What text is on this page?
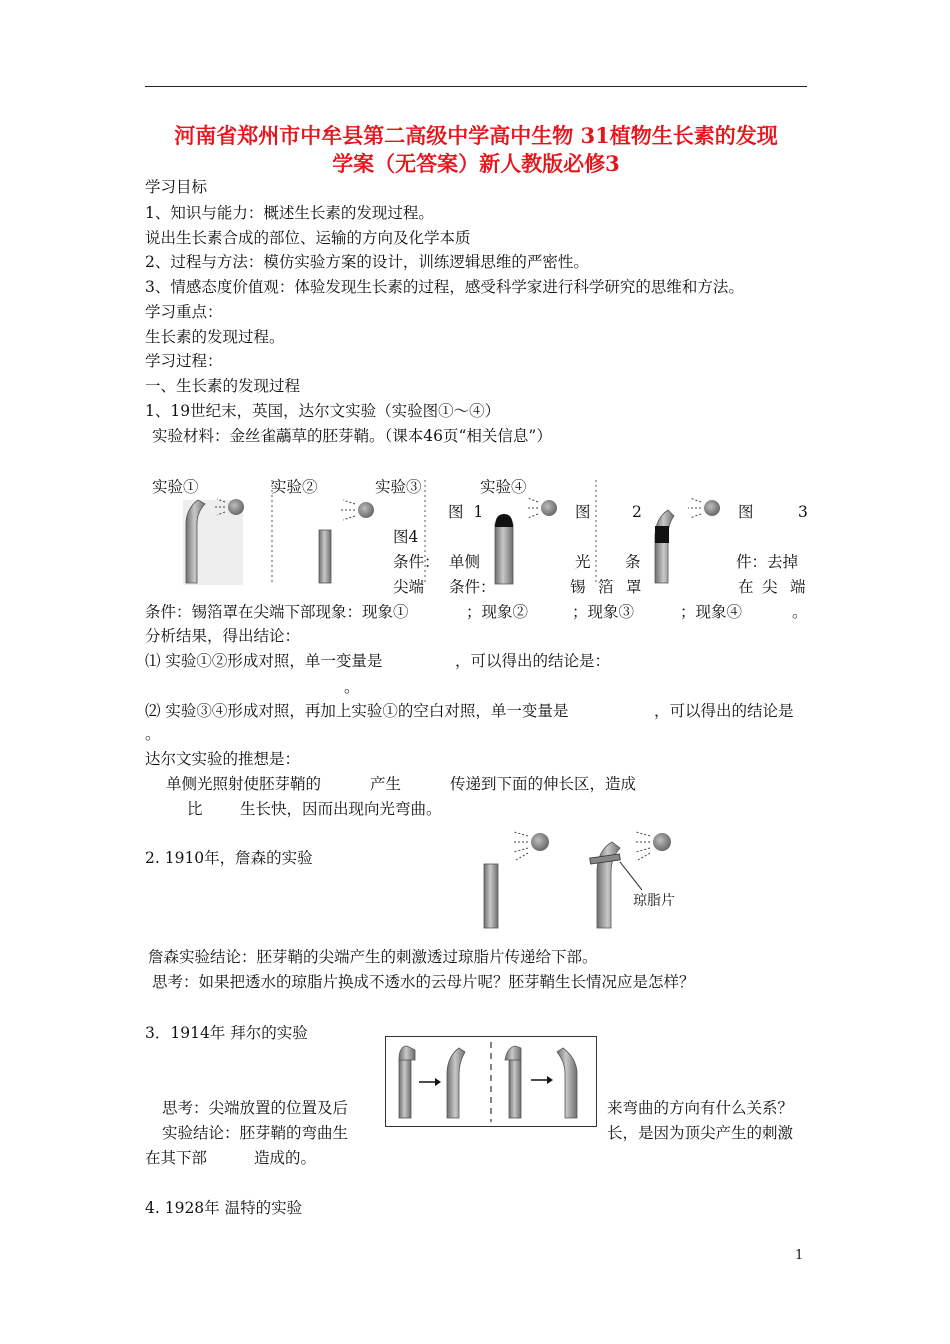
河南省郑州市中牟县第二高级中学高中生物 31植物生长素的发现
学案（无答案）新人教版必修3
学习目标
1、知识与能力：概述生长素的发现过程。
说出生长素合成的部位、运输的方向及化学本质
2、过程与方法：模仿实验方案的设计，训练逻辑思维的严密性。
3、情感态度价值观：体验发现生长素的过程，感受科学家进行科学研究的思维和方法。
学习重点：
生长素的发现过程。
学习过程：
一、生长素的发现过程
1、19世纪末，英国，达尔文实验（实验图①～④）
实验材料：金丝雀虉草的胚芽鞘。（课本46页“相关信息”）
实验①	实验②	实验③	实验④
图 1	图	2	图	3
图4
条件： 单侧	光 条	件：去掉
尖端 条件：	锡 箔 罩	在 尖 端
条件：锡箔罩在尖端下部现象：现象①	；现象②	；现象③	；现象④	。
分析结果，得出结论：
⑴ 实验①②形成对照，单一变量是	，可以得出的结论是：
。
⑵ 实验③④形成对照，再加上实验①的空白对照，单一变量是	，可以得出的结论是
。
达尔文实验的推想是：
单侧光照射使胚芽鞘的	产生	传递到下面的伸长区，造成
比 生长快，因而出现向光弯曲。
2. 1910年，詹森的实验
琼脂片
詹森实验结论：胚芽鞘的尖端产生的刺激透过琼脂片传递给下部。
思考：如果把透水的琼脂片换成不透水的云母片呢？胚芽鞘生长情况应是怎样？
3．1914年 拜尔的实验
思考：尖端放置的位置及后	来弯曲的方向有什么关系？
实验结论：胚芽鞘的弯曲生	长，是因为顶尖产生的刺激
在其下部	造成的。
4. 1928年 温特的实验
1
